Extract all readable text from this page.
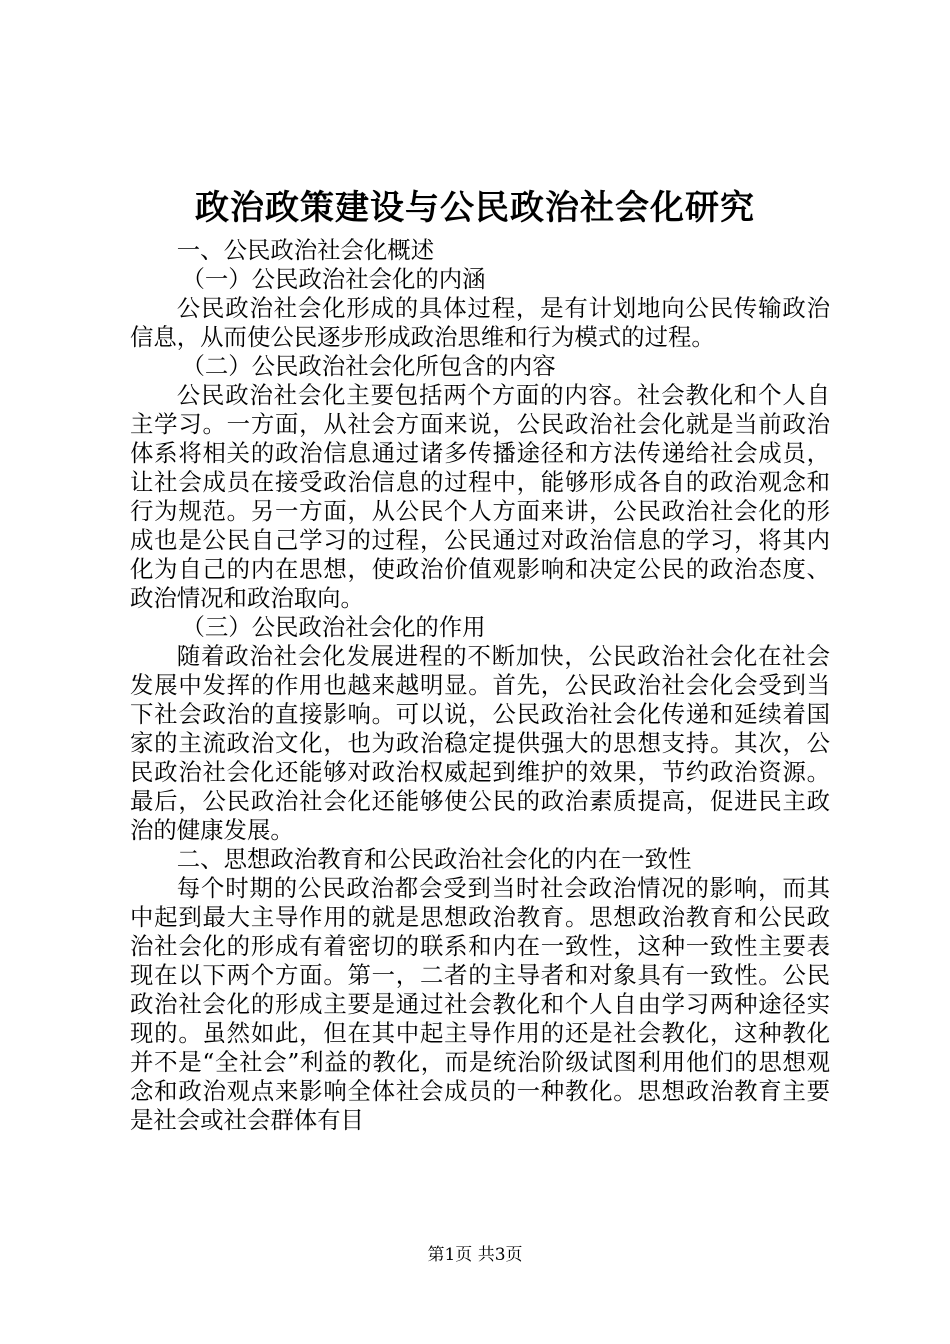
政治政策建设与公民政治社会化研究

一、公民政治社会化概述

（一）公民政治社会化的内涵

公民政治社会化形成的具体过程，是有计划地向公民传输政治信息，从而使公民逐步形成政治思维和行为模式的过程。

（二）公民政治社会化所包含的内容

公民政治社会化主要包括两个方面的内容。社会教化和个人自主学习。一方面，从社会方面来说，公民政治社会化就是当前政治体系将相关的政治信息通过诸多传播途径和方法传递给社会成员，让社会成员在接受政治信息的过程中，能够形成各自的政治观念和行为规范。另一方面，从公民个人方面来讲，公民政治社会化的形成也是公民自己学习的过程，公民通过对政治信息的学习，将其内化为自己的内在思想，使政治价值观影响和决定公民的政治态度、政治情况和政治取向。

（三）公民政治社会化的作用

随着政治社会化发展进程的不断加快，公民政治社会化在社会发展中发挥的作用也越来越明显。首先，公民政治社会化会受到当下社会政治的直接影响。可以说，公民政治社会化传递和延续着国家的主流政治文化，也为政治稳定提供强大的思想支持。其次，公民政治社会化还能够对政治权威起到维护的效果，节约政治资源。最后，公民政治社会化还能够使公民的政治素质提高，促进民主政治的健康发展。

二、思想政治教育和公民政治社会化的内在一致性

每个时期的公民政治都会受到当时社会政治情况的影响，而其中起到最大主导作用的就是思想政治教育。思想政治教育和公民政治社会化的形成有着密切的联系和内在一致性，这种一致性主要表现在以下两个方面。第一，二者的主导者和对象具有一致性。公民政治社会化的形成主要是通过社会教化和个人自由学习两种途径实现的。虽然如此，但在其中起主导作用的还是社会教化，这种教化并不是“全社会”利益的教化，而是统治阶级试图利用他们的思想观念和政治观点来影响全体社会成员的一种教化。思想政治教育主要是社会或社会群体有目

第1页 共3页
